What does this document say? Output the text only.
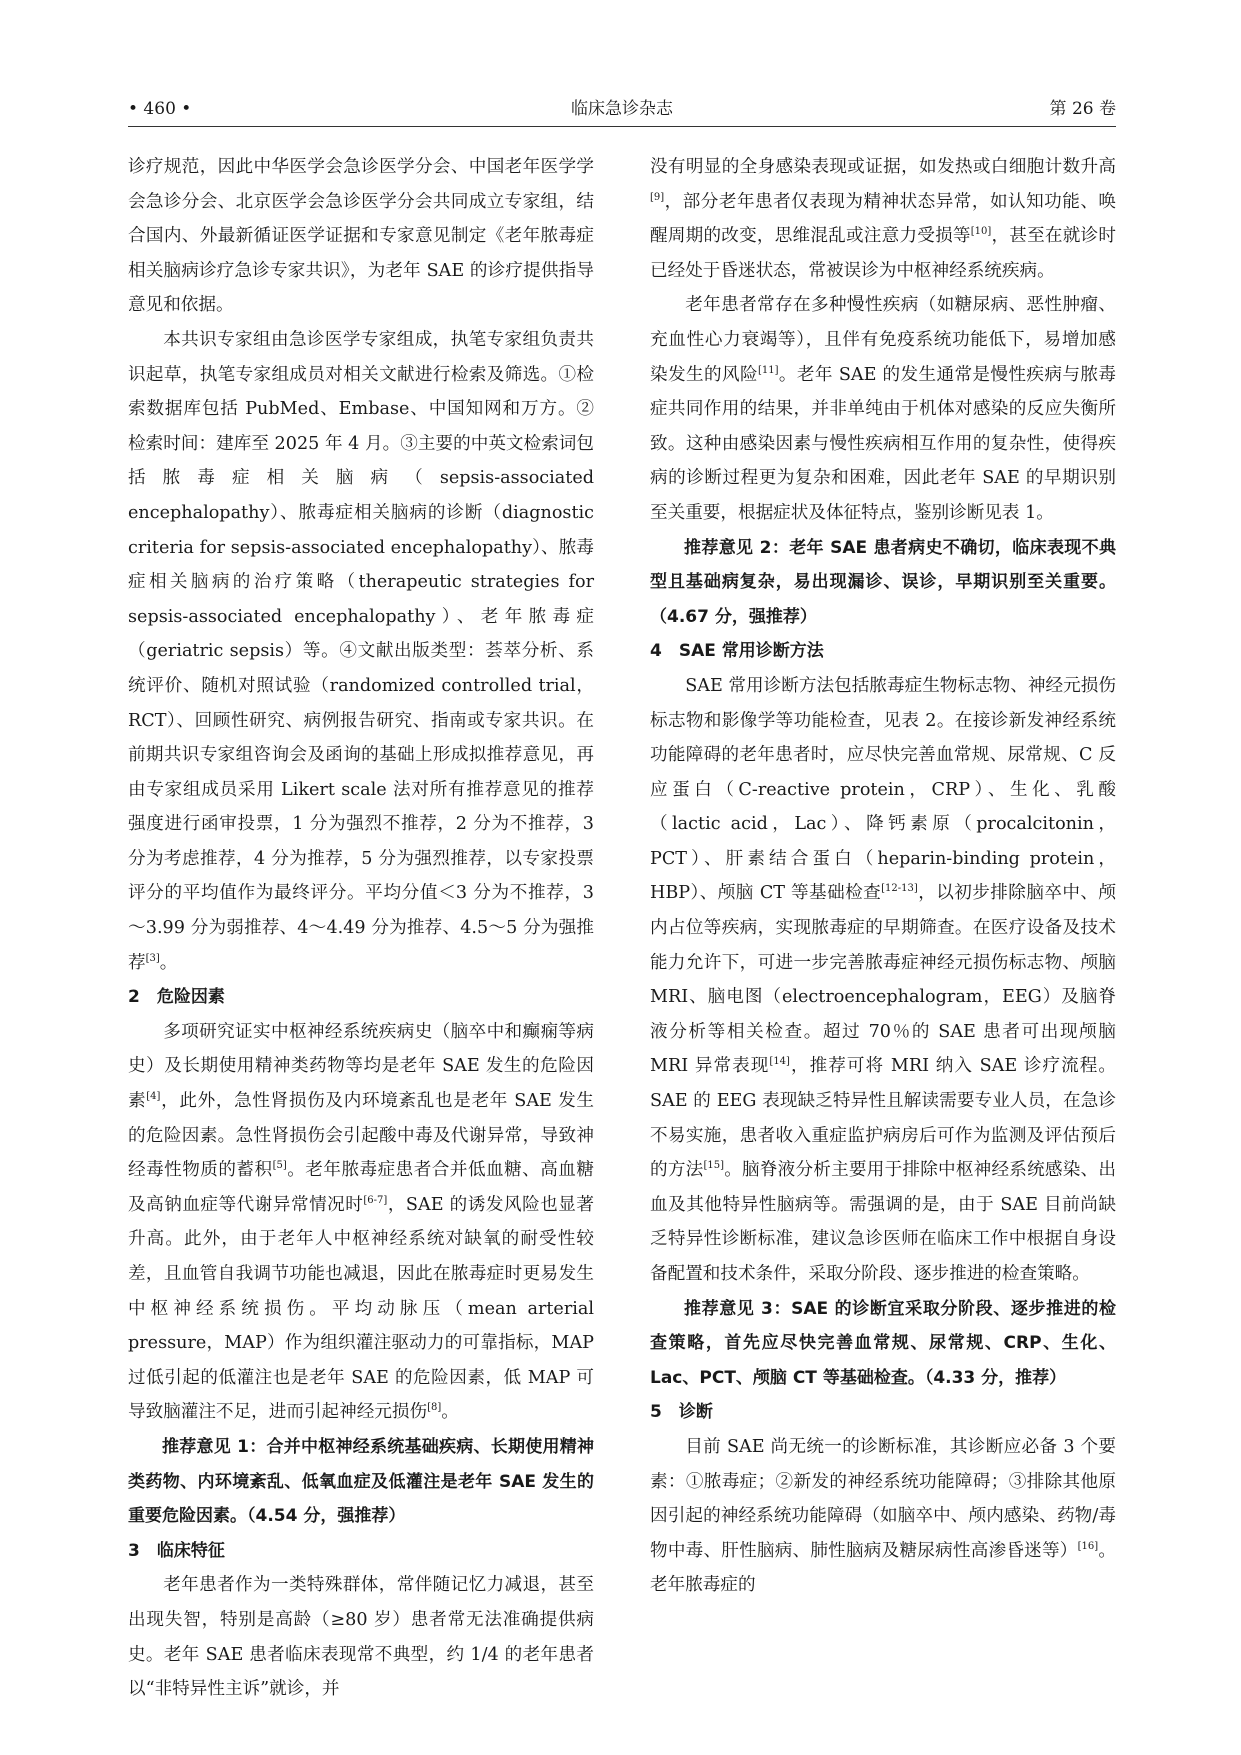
• 460 •	临床急诊杂志	第 26 卷

诊疗规范，因此中华医学会急诊医学分会、中国老年医学学会急诊分会、北京医学会急诊医学分会共同成立专家组，结合国内、外最新循证医学证据和专家意见制定《老年脓毒症相关脑病诊疗急诊专家共识》，为老年 SAE 的诊疗提供指导意见和依据。

本共识专家组由急诊医学专家组成，执笔专家组负责共识起草，执笔专家组成员对相关文献进行检索及筛选。①检索数据库包括 PubMed、Embase、中国知网和万方。②检索时间：建库至 2025 年 4 月。③主要的中英文检索词包括脓毒症相关脑病（sepsis-associated encephalopathy）、脓毒症相关脑病的诊断（diagnostic criteria for sepsis-associated encephalopathy）、脓毒症相关脑病的治疗策略（therapeutic strategies for sepsis-associated encephalopathy）、老年脓毒症（geriatric sepsis）等。④文献出版类型：荟萃分析、系统评价、随机对照试验（randomized controlled trial，RCT）、回顾性研究、病例报告研究、指南或专家共识。在前期共识专家组咨询会及函询的基础上形成拟推荐意见，再由专家组成员采用 Likert scale 法对所有推荐意见的推荐强度进行函审投票，1 分为强烈不推荐，2 分为不推荐，3 分为考虑推荐，4 分为推荐，5 分为强烈推荐，以专家投票评分的平均值作为最终评分。平均分值＜3 分为不推荐，3～3.99 分为弱推荐、4～4.49 分为推荐、4.5～5 分为强推荐[3]。

2　危险因素

多项研究证实中枢神经系统疾病史（脑卒中和癫痫等病史）及长期使用精神类药物等均是老年 SAE 发生的危险因素[4]，此外，急性肾损伤及内环境紊乱也是老年 SAE 发生的危险因素。急性肾损伤会引起酸中毒及代谢异常，导致神经毒性物质的蓄积[5]。老年脓毒症患者合并低血糖、高血糖及高钠血症等代谢异常情况时[6-7]，SAE 的诱发风险也显著升高。此外，由于老年人中枢神经系统对缺氧的耐受性较差，且血管自我调节功能也减退，因此在脓毒症时更易发生中枢神经系统损伤。平均动脉压（mean arterial pressure，MAP）作为组织灌注驱动力的可靠指标，MAP 过低引起的低灌注也是老年 SAE 的危险因素，低 MAP 可导致脑灌注不足，进而引起神经元损伤[8]。

推荐意见 1：合并中枢神经系统基础疾病、长期使用精神类药物、内环境紊乱、低氧血症及低灌注是老年 SAE 发生的重要危险因素。（4.54 分，强推荐）

3　临床特征

老年患者作为一类特殊群体，常伴随记忆力减退，甚至出现失智，特别是高龄（≥80 岁）患者常无法准确提供病史。老年 SAE 患者临床表现常不典型，约 1/4 的老年患者以“非特异性主诉”就诊，并

没有明显的全身感染表现或证据，如发热或白细胞计数升高[9]，部分老年患者仅表现为精神状态异常，如认知功能、唤醒周期的改变，思维混乱或注意力受损等[10]，甚至在就诊时已经处于昏迷状态，常被误诊为中枢神经系统疾病。

老年患者常存在多种慢性疾病（如糖尿病、恶性肿瘤、充血性心力衰竭等），且伴有免疫系统功能低下，易增加感染发生的风险[11]。老年 SAE 的发生通常是慢性疾病与脓毒症共同作用的结果，并非单纯由于机体对感染的反应失衡所致。这种由感染因素与慢性疾病相互作用的复杂性，使得疾病的诊断过程更为复杂和困难，因此老年 SAE 的早期识别至关重要，根据症状及体征特点，鉴别诊断见表 1。

推荐意见 2：老年 SAE 患者病史不确切，临床表现不典型且基础病复杂，易出现漏诊、误诊，早期识别至关重要。（4.67 分，强推荐）

4　SAE 常用诊断方法

SAE 常用诊断方法包括脓毒症生物标志物、神经元损伤标志物和影像学等功能检查，见表 2。在接诊新发神经系统功能障碍的老年患者时，应尽快完善血常规、尿常规、C 反应蛋白（C-reactive protein，CRP）、生化、乳酸（lactic acid，Lac）、降钙素原（procalcitonin，PCT）、肝素结合蛋白（heparin-binding protein，HBP）、颅脑 CT 等基础检查[12-13]，以初步排除脑卒中、颅内占位等疾病，实现脓毒症的早期筛查。在医疗设备及技术能力允许下，可进一步完善脓毒症神经元损伤标志物、颅脑 MRI、脑电图（electroencephalogram，EEG）及脑脊液分析等相关检查。超过 70％的 SAE 患者可出现颅脑 MRI 异常表现[14]，推荐可将 MRI 纳入 SAE 诊疗流程。SAE 的 EEG 表现缺乏特异性且解读需要专业人员，在急诊不易实施，患者收入重症监护病房后可作为监测及评估预后的方法[15]。脑脊液分析主要用于排除中枢神经系统感染、出血及其他特异性脑病等。需强调的是，由于 SAE 目前尚缺乏特异性诊断标准，建议急诊医师在临床工作中根据自身设备配置和技术条件，采取分阶段、逐步推进的检查策略。

推荐意见 3：SAE 的诊断宜采取分阶段、逐步推进的检查策略，首先应尽快完善血常规、尿常规、CRP、生化、Lac、PCT、颅脑 CT 等基础检查。（4.33 分，推荐）

5　诊断

目前 SAE 尚无统一的诊断标准，其诊断应必备 3 个要素：①脓毒症；②新发的神经系统功能障碍；③排除其他原因引起的神经系统功能障碍（如脑卒中、颅内感染、药物/毒物中毒、肝性脑病、肺性脑病及糖尿病性高渗昏迷等）[16]。老年脓毒症的
